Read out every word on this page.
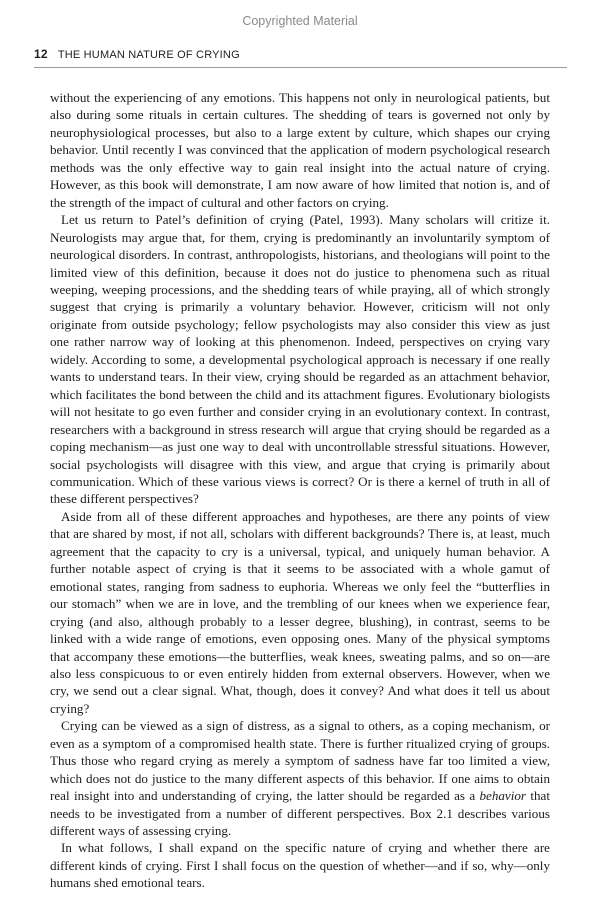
Copyrighted Material
12 THE HUMAN NATURE OF CRYING

without the experiencing of any emotions. This happens not only in neurological patients, but also during some rituals in certain cultures. The shedding of tears is governed not only by neurophysiological processes, but also to a large extent by culture, which shapes our crying behavior. Until recently I was convinced that the application of modern psychological research methods was the only effective way to gain real insight into the actual nature of crying. However, as this book will demonstrate, I am now aware of how limited that notion is, and of the strength of the impact of cultural and other factors on crying.

Let us return to Patel’s definition of crying (Patel, 1993). Many scholars will critize it. Neurologists may argue that, for them, crying is predominantly an involuntarily symptom of neurological disorders. In contrast, anthropologists, historians, and theologians will point to the limited view of this definition, because it does not do justice to phenomena such as ritual weeping, weeping processions, and the shedding tears of while praying, all of which strongly suggest that crying is primarily a voluntary behavior. However, criticism will not only originate from outside psychology; fellow psychologists may also consider this view as just one rather narrow way of looking at this phenomenon. Indeed, perspectives on crying vary widely. According to some, a developmental psychological approach is necessary if one really wants to understand tears. In their view, crying should be regarded as an attachment behavior, which facilitates the bond between the child and its attachment figures. Evolutionary biologists will not hesitate to go even further and consider crying in an evolutionary context. In contrast, researchers with a background in stress research will argue that crying should be regarded as a coping mechanism—as just one way to deal with uncontrollable stressful situations. However, social psychologists will disagree with this view, and argue that crying is primarily about communication. Which of these various views is correct? Or is there a kernel of truth in all of these different perspectives?

Aside from all of these different approaches and hypotheses, are there any points of view that are shared by most, if not all, scholars with different backgrounds? There is, at least, much agreement that the capacity to cry is a universal, typical, and uniquely human behavior. A further notable aspect of crying is that it seems to be associated with a whole gamut of emotional states, ranging from sadness to euphoria. Whereas we only feel the “butterflies in our stomach” when we are in love, and the trembling of our knees when we experience fear, crying (and also, although probably to a lesser degree, blushing), in contrast, seems to be linked with a wide range of emotions, even opposing ones. Many of the physical symptoms that accompany these emotions—the butterflies, weak knees, sweating palms, and so on—are also less conspicuous to or even entirely hidden from external observers. However, when we cry, we send out a clear signal. What, though, does it convey? And what does it tell us about crying?

Crying can be viewed as a sign of distress, as a signal to others, as a coping mechanism, or even as a symptom of a compromised health state. There is further ritualized crying of groups. Thus those who regard crying as merely a symptom of sadness have far too limited a view, which does not do justice to the many different aspects of this behavior. If one aims to obtain real insight into and understanding of crying, the latter should be regarded as a behavior that needs to be investigated from a number of different perspectives. Box 2.1 describes various different ways of assessing crying.

In what follows, I shall expand on the specific nature of crying and whether there are different kinds of crying. First I shall focus on the question of whether—and if so, why—only humans shed emotional tears.
